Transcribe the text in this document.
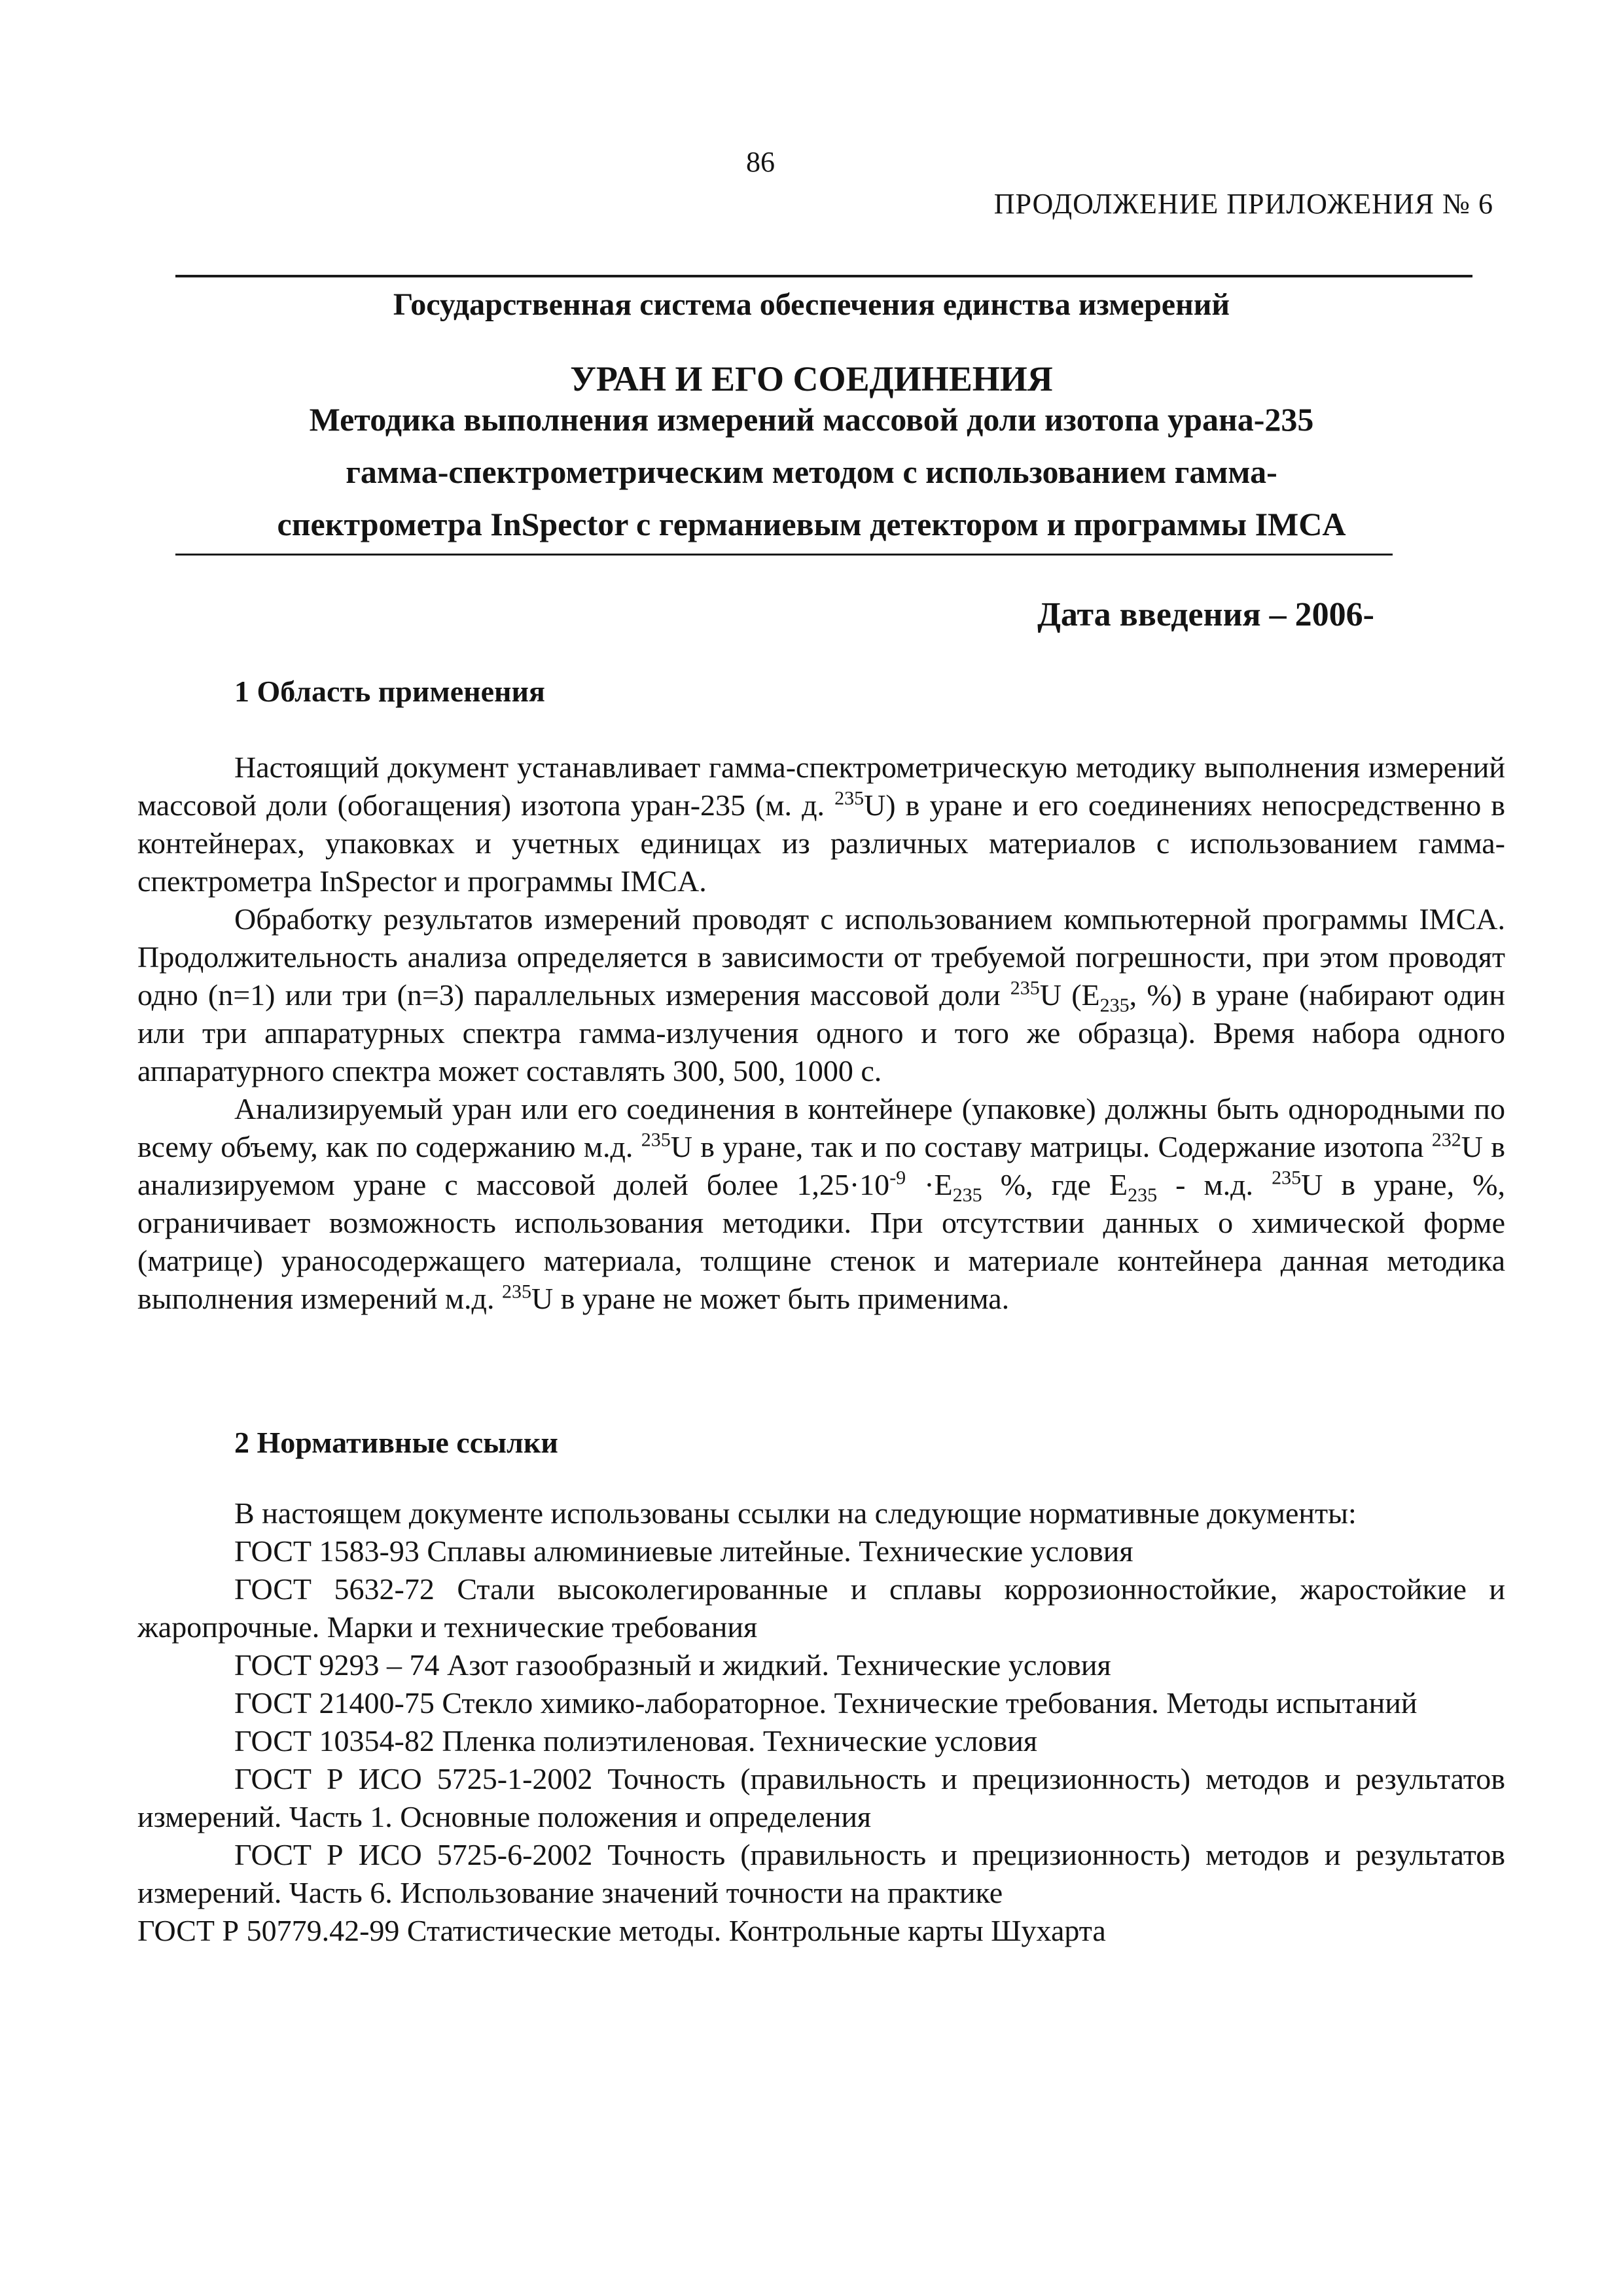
86
ПРОДОЛЖЕНИЕ ПРИЛОЖЕНИЯ № 6
Государственная система обеспечения единства измерений
УРАН И ЕГО СОЕДИНЕНИЯ
Методика выполнения измерений массовой доли изотопа урана-235
гамма-спектрометрическим методом с использованием гамма-
спектрометра InSpector с германиевым детектором и программы IMCA
Дата введения – 2006-
1 Область применения

Настоящий документ устанавливает гамма-спектрометрическую методику выполнения измерений массовой доли (обогащения) изотопа уран-235 (м. д. $^{235}$U) в уране и его соединениях непосредственно в контейнерах, упаковках и учетных единицах из различных материалов с использованием гамма-спектрометра InSpector и программы IMCA.

Обработку результатов измерений проводят с использованием компьютерной программы IMCA. Продолжительность анализа определяется в зависимости от требуемой погрешности, при этом проводят одно (n=1) или три (n=3) параллельных измерения массовой доли $^{235}$U ($E_{235}$, %) в уране (набирают один или три аппаратурных спектра гамма-излучения одного и того же образца). Время набора одного аппаратурного спектра может составлять 300, 500, 1000 с.

Анализируемый уран или его соединения в контейнере (упаковке) должны быть однородными по всему объему, как по содержанию м.д. $^{235}$U в уране, так и по составу матрицы. Содержание изотопа $^{232}$U в анализируемом уране с массовой долей более $1,25\cdot 10^{-9} \cdot E_{235}$ %, где $E_{235} - м.д$. $^{235}$U в уране, %, ограничивает возможность использования методики. При отсутствии данных о химической форме (матрице) ураносодержащего материала, толщине стенок и материале контейнера данная методика выполнения измерений м.д. $^{235}$U в уране не может быть применима.

2 Нормативные ссылки

В настоящем документе использованы ссылки на следующие нормативные документы:

ГОСТ 1583-93 Сплавы алюминиевые литейные. Технические условия

ГОСТ 5632-72 Стали высоколегированные и сплавы коррозионностойкие, жаростойкие и жаропрочные. Марки и технические требования

ГОСТ 9293 – 74 Азот газообразный и жидкий. Технические условия

ГОСТ 21400-75 Стекло химико-лабораторное. Технические требования. Методы испытаний

ГОСТ 10354-82 Пленка полиэтиленовая. Технические условия

ГОСТ Р ИСО 5725-1-2002 Точность (правильность и прецизионность) методов и результатов измерений. Часть 1. Основные положения и определения

ГОСТ Р ИСО 5725-6-2002 Точность (правильность и прецизионность) методов и результатов измерений. Часть 6. Использование значений точности на практике

ГОСТ Р 50779.42-99 Статистические методы. Контрольные карты Шухарта
